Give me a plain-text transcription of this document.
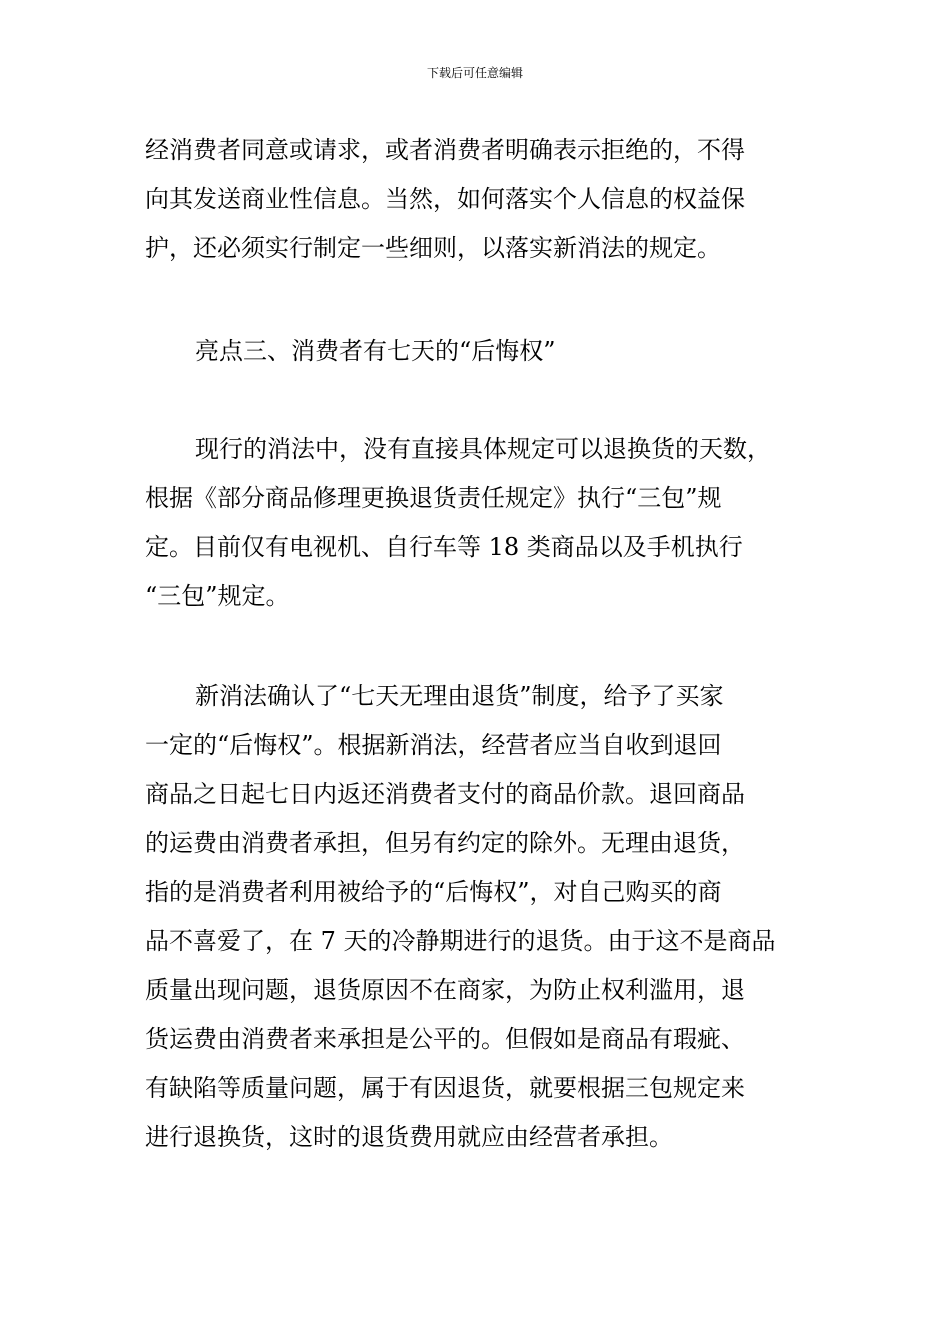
下载后可任意编辑
经消费者同意或请求，或者消费者明确表示拒绝的，不得
向其发送商业性信息。当然，如何落实个人信息的权益保
护，还必须实行制定一些细则，以落实新消法的规定。
亮点三、消费者有七天的“后悔权”
现行的消法中，没有直接具体规定可以退换货的天数，
根据《部分商品修理更换退货责任规定》执行“三包”规
定。目前仅有电视机、自行车等 18 类商品以及手机执行
“三包”规定。
新消法确认了“七天无理由退货”制度，给予了买家
一定的“后悔权”。根据新消法，经营者应当自收到退回
商品之日起七日内返还消费者支付的商品价款。退回商品
的运费由消费者承担，但另有约定的除外。无理由退货，
指的是消费者利用被给予的“后悔权”，对自己购买的商
品不喜爱了，在 7 天的冷静期进行的退货。由于这不是商品
质量出现问题，退货原因不在商家，为防止权利滥用，退
货运费由消费者来承担是公平的。但假如是商品有瑕疵、
有缺陷等质量问题，属于有因退货，就要根据三包规定来
进行退换货，这时的退货费用就应由经营者承担。
